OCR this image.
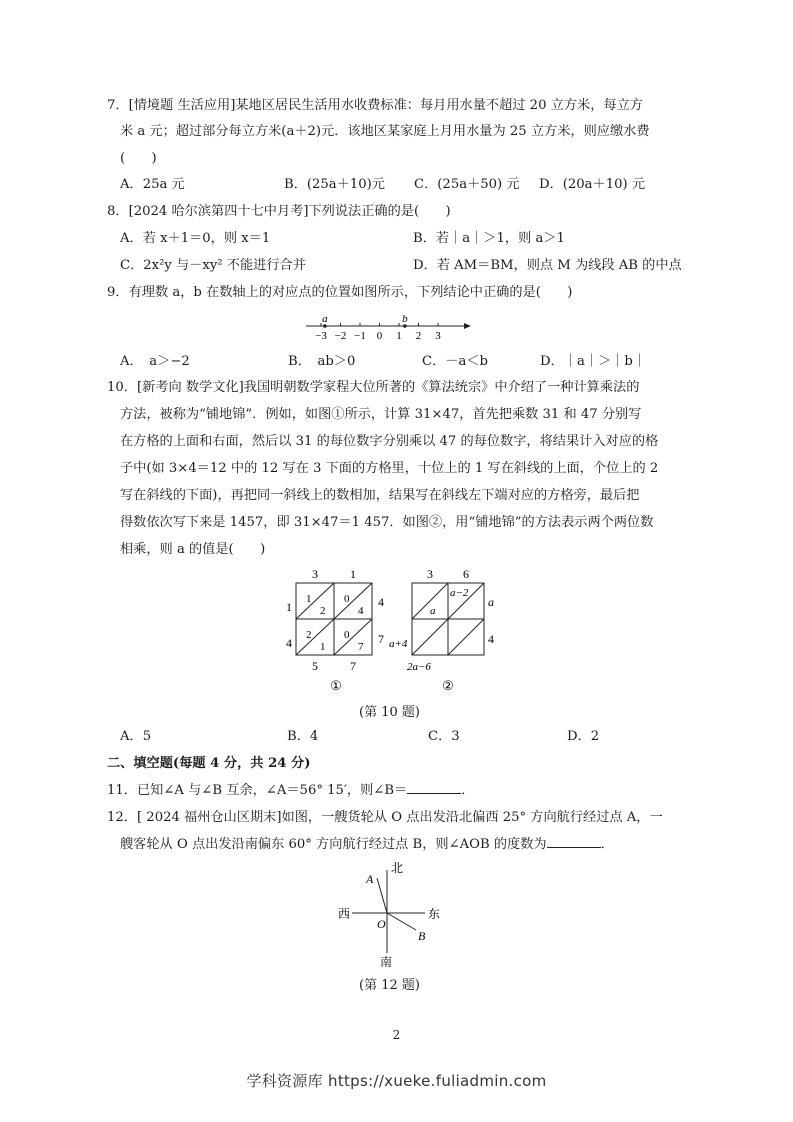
7．[情境题 生活应用]某地区居民生活用水收费标准：每月用水量不超过 20 立方米，每立方
米 a 元；超过部分每立方米(a＋2)元．该地区某家庭上月用水量为 25 立方米，则应缴水费
(　　)
A．25a 元	B．(25a＋10)元 C．(25a＋50) 元 D．(20a＋10) 元
8．[2024 哈尔滨第四十七中月考]下列说法正确的是(　　)
A．若 x＋1＝0，则 x＝1	B．若｜a｜＞1，则 a＞1
C．2x²y 与－xy² 不能进行合并	D．若 AM＝BM，则点 M 为线段 AB 的中点
9．有理数 a，b 在数轴上的对应点的位置如图所示，下列结论中正确的是(　　)
−3 −2 −1 0 1 2 3
a	b
A．　a＞−2	B．　ab＞0	C．－a＜b	D．｜a｜＞｜b｜
10．[新考向 数学文化]我国明朝数学家程大位所著的《算法统宗》中介绍了一种计算乘法的
方法，被称为“铺地锦”．例如，如图①所示，计算 31×47，首先把乘数 31 和 47 分别写
在方格的上面和右面，然后以 31 的每位数字分别乘以 47 的每位数字，将结果计入对应的格
子中(如 3×4＝12 中的 12 写在 3 下面的方格里，十位上的 1 写在斜线的上面，个位上的 2
写在斜线的下面)，再把同一斜线上的数相加，结果写在斜线左下端对应的方格旁，最后把
得数依次写下来是 1457，即 31×47＝1 457．如图②，用“铺地锦”的方法表示两个两位数
相乘，则 a 的值是(　　)
3	1
4
7
1
4
5	7
1
2
0
4
2
1
0
7
①
3	6
a
4
a+4
2a−6
a
a−2
②
(第 10 题)
A．5	B．4	C．3	D．2
二、填空题(每题 4 分，共 24 分)
11．已知∠A 与∠B 互余，∠A＝56° 15′，则∠B＝	．
12．[ 2024 福州仓山区期末]如图，一艘货轮从 O 点出发沿北偏西 25° 方向航行经过点 A，一
艘客轮从 O 点出发沿南偏东 60° 方向航行经过点 B，则∠AOB 的度数为	．
北
南
西	东
A
B
O
(第 12 题)
2
学科资源库 https://xueke.fuliadmin.com
